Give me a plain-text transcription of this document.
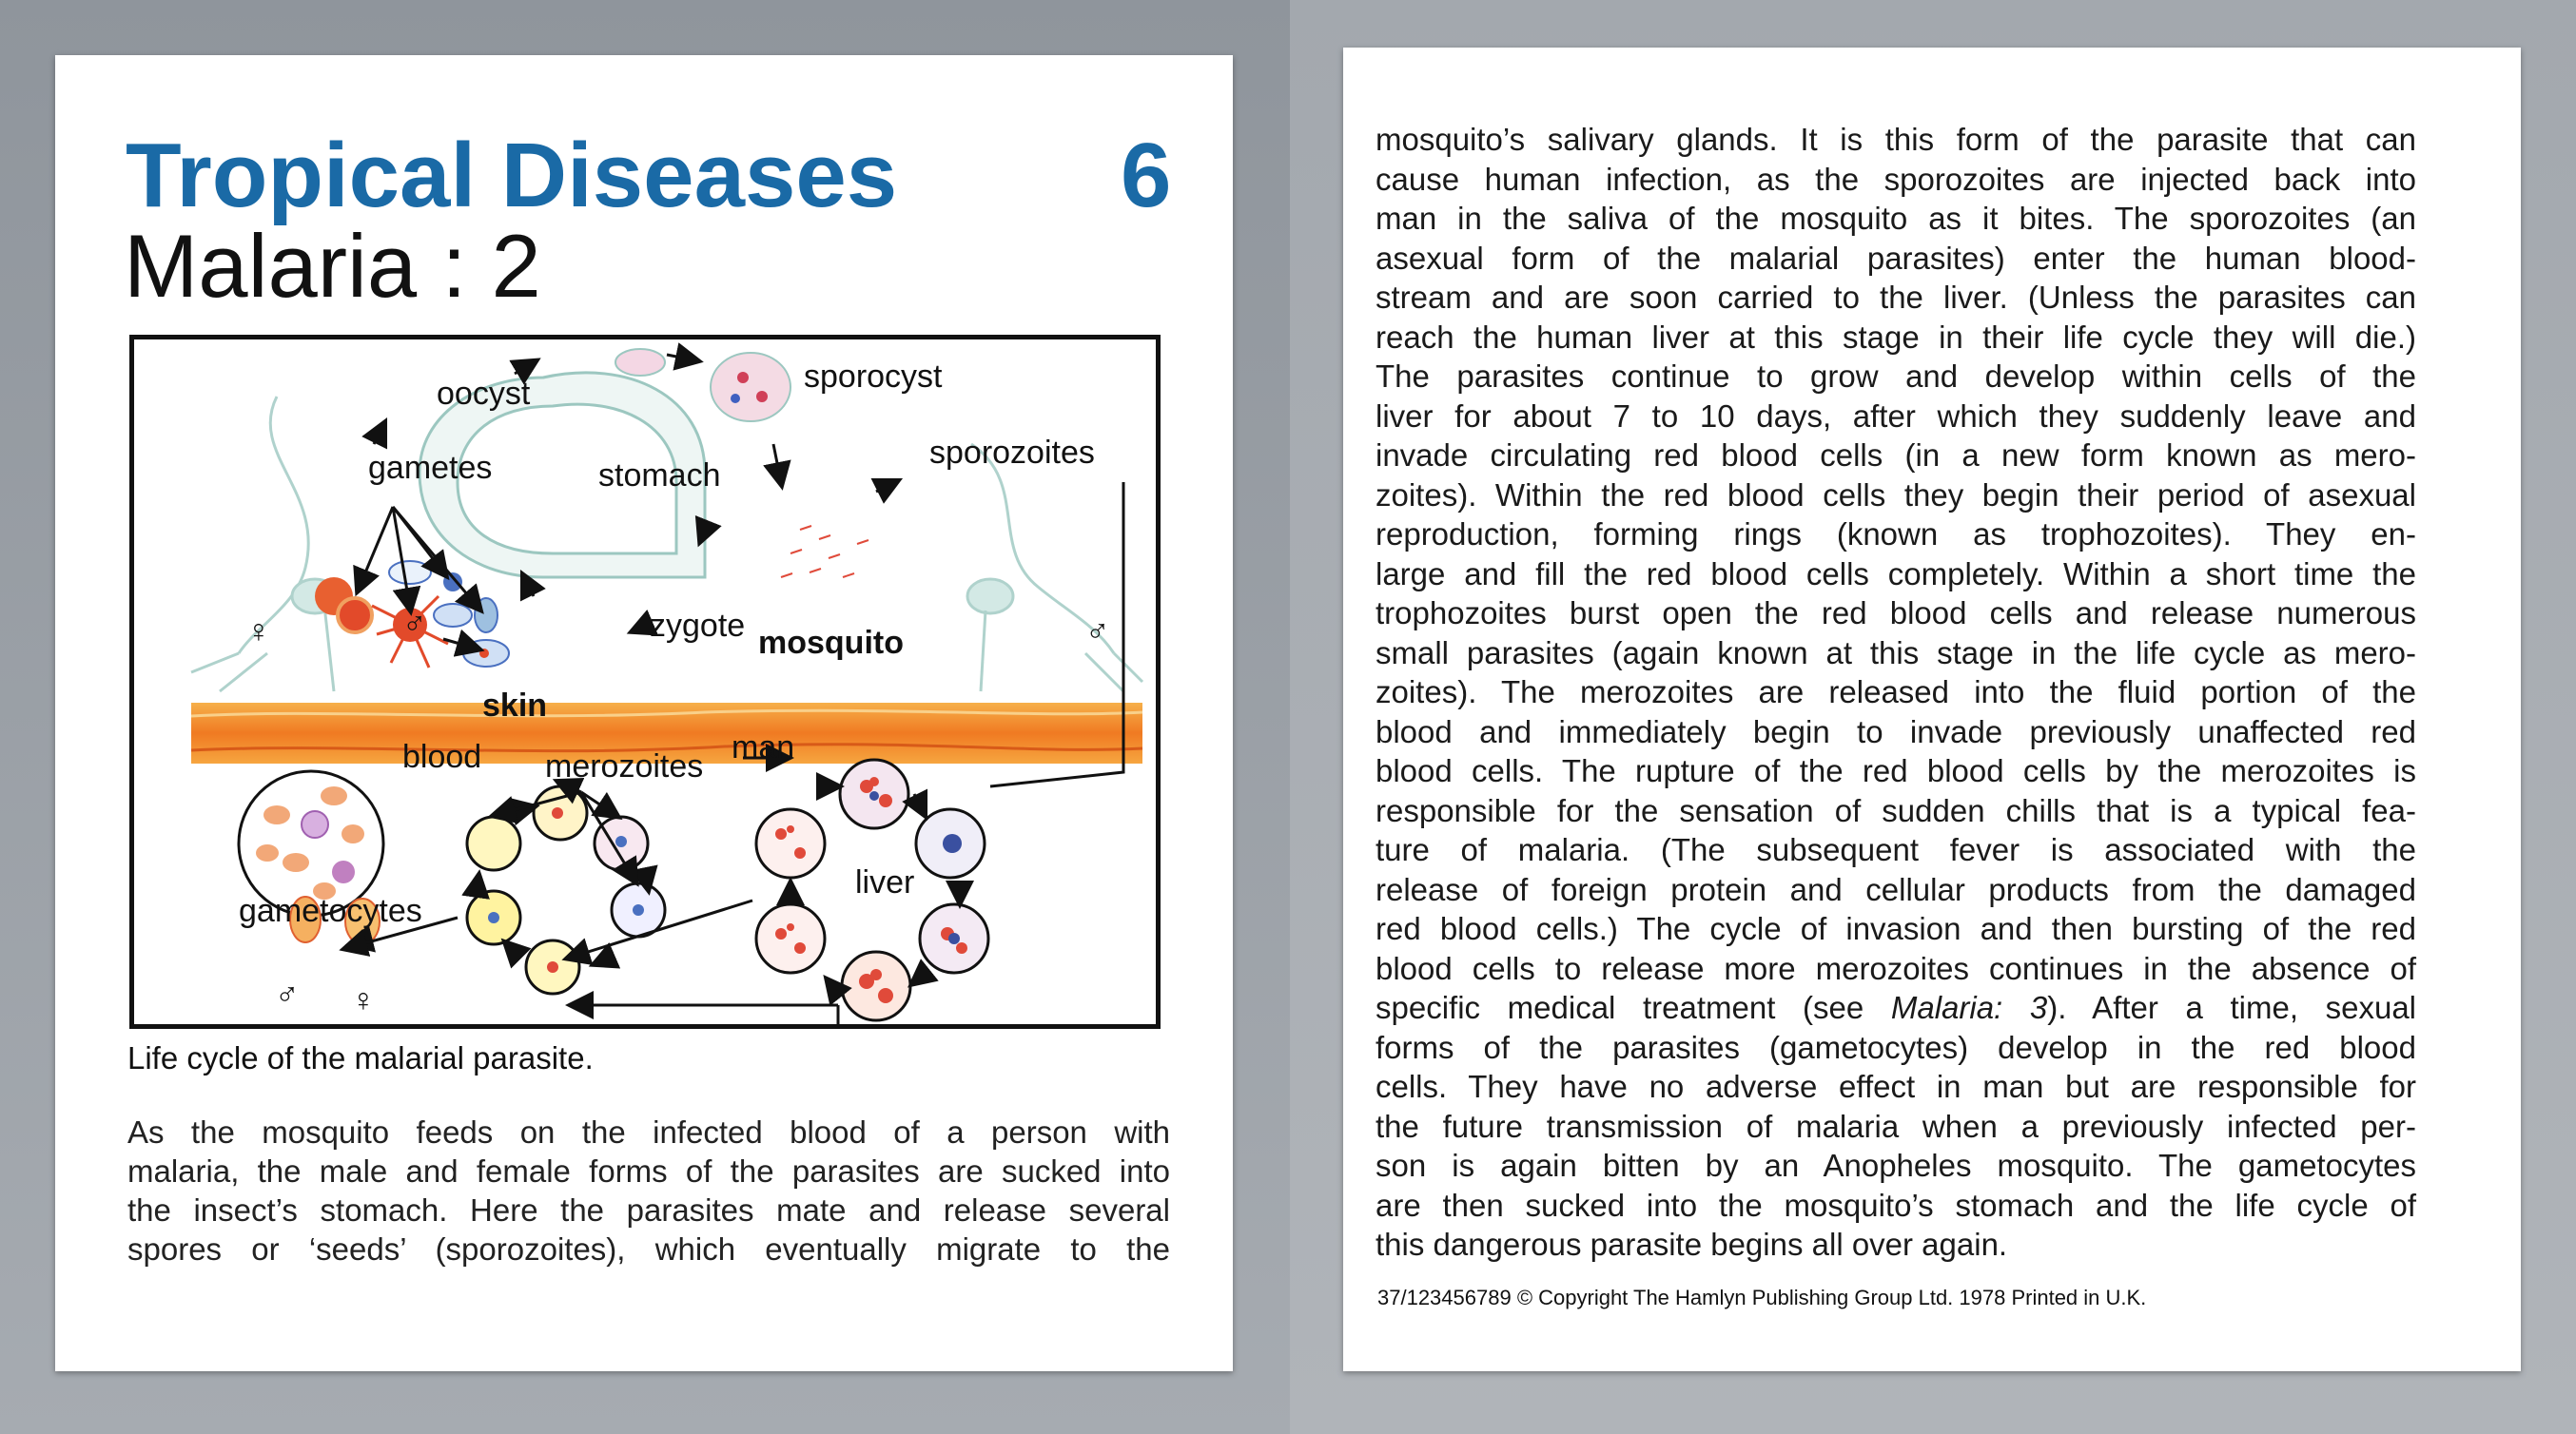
Tropical Diseases 6
Malaria : 2
oocyst	sporocyst
gametes	stomach
sporozoites
zygote mosquito
skin
blood merozoites
man
liver
gametocytes
♀	♂	♂
♂ ♀
Life cycle of the malarial parasite.
As the mosquito feeds on the infected blood of a person with
malaria, the male and female forms of the parasites are sucked into
the insect’s stomach. Here the parasites mate and release several
spores or ‘seeds’ (sporozoites), which eventually migrate to the
mosquito’s salivary glands. It is this form of the parasite that can
cause human infection, as the sporozoites are injected back into
man in the saliva of the mosquito as it bites. The sporozoites (an
asexual form of the malarial parasites) enter the human blood-
stream and are soon carried to the liver. (Unless the parasites can
reach the human liver at this stage in their life cycle they will die.)
The parasites continue to grow and develop within cells of the
liver for about 7 to 10 days, after which they suddenly leave and
invade circulating red blood cells (in a new form known as mero-
zoites). Within the red blood cells they begin their period of asexual
reproduction, forming rings (known as trophozoites). They en-
large and fill the red blood cells completely. Within a short time the
trophozoites burst open the red blood cells and release numerous
small parasites (again known at this stage in the life cycle as mero-
zoites). The merozoites are released into the fluid portion of the
blood and immediately begin to invade previously unaffected red
blood cells. The rupture of the red blood cells by the merozoites is
responsible for the sensation of sudden chills that is a typical fea-
ture of malaria. (The subsequent fever is associated with the
release of foreign protein and cellular products from the damaged
red blood cells.) The cycle of invasion and then bursting of the red
blood cells to release more merozoites continues in the absence of
specific medical treatment (see Malaria: 3). After a time, sexual
forms of the parasites (gametocytes) develop in the red blood
cells. They have no adverse effect in man but are responsible for
the future transmission of malaria when a previously infected per-
son is again bitten by an Anopheles mosquito. The gametocytes
are then sucked into the mosquito’s stomach and the life cycle of
this dangerous parasite begins all over again.
37/123456789 © Copyright The Hamlyn Publishing Group Ltd. 1978 Printed in U.K.
